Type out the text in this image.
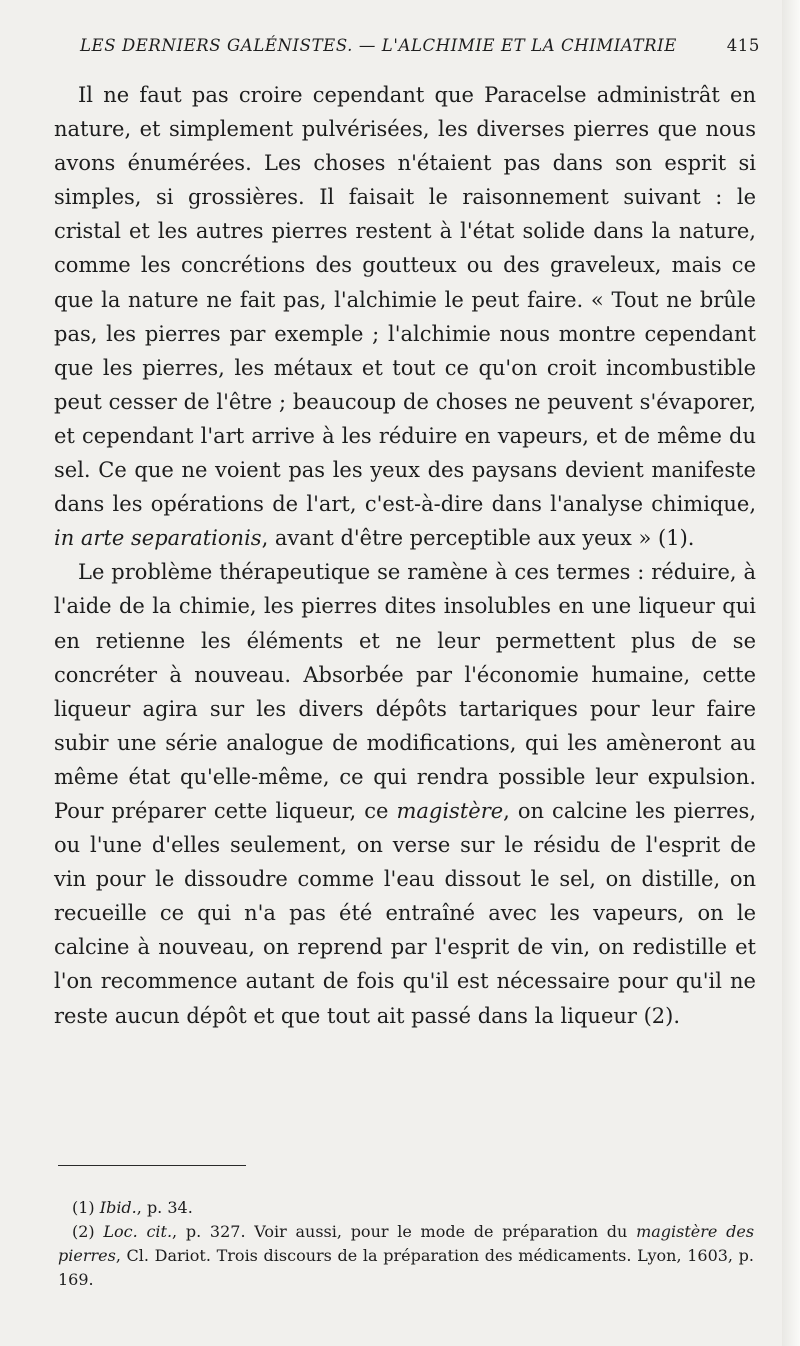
LES DERNIERS GALÉNISTES. — L'ALCHIMIE ET LA CHIMIATRIE	415

Il ne faut pas croire cependant que Paracelse administrât en nature, et simplement pulvérisées, les diverses pierres que nous avons énumérées. Les choses n'étaient pas dans son esprit si simples, si grossières. Il faisait le raisonnement suivant : le cristal et les autres pierres restent à l'état solide dans la nature, comme les concrétions des goutteux ou des graveleux, mais ce que la nature ne fait pas, l'alchimie le peut faire. « Tout ne brûle pas, les pierres par exemple ; l'alchimie nous montre cependant que les pierres, les métaux et tout ce qu'on croit incombustible peut cesser de l'être ; beaucoup de choses ne peuvent s'évaporer, et cependant l'art arrive à les réduire en vapeurs, et de même du sel. Ce que ne voient pas les yeux des paysans devient manifeste dans les opérations de l'art, c'est-à-dire dans l'analyse chimique, in arte separationis, avant d'être perceptible aux yeux » (1).

Le problème thérapeutique se ramène à ces termes : réduire, à l'aide de la chimie, les pierres dites insolubles en une liqueur qui en retienne les éléments et ne leur permettent plus de se concréter à nouveau. Absorbée par l'économie humaine, cette liqueur agira sur les divers dépôts tartariques pour leur faire subir une série analogue de modifications, qui les amèneront au même état qu'elle-même, ce qui rendra possible leur expulsion. Pour préparer cette liqueur, ce magistère, on calcine les pierres, ou l'une d'elles seulement, on verse sur le résidu de l'esprit de vin pour le dissoudre comme l'eau dissout le sel, on distille, on recueille ce qui n'a pas été entraîné avec les vapeurs, on le calcine à nouveau, on reprend par l'esprit de vin, on redistille et l'on recommence autant de fois qu'il est nécessaire pour qu'il ne reste aucun dépôt et que tout ait passé dans la liqueur (2).

(1) Ibid., p. 34.

(2) Loc. cit., p. 327. Voir aussi, pour le mode de préparation du magistère des pierres, Cl. Dariot. Trois discours de la préparation des médicaments. Lyon, 1603, p. 169.
